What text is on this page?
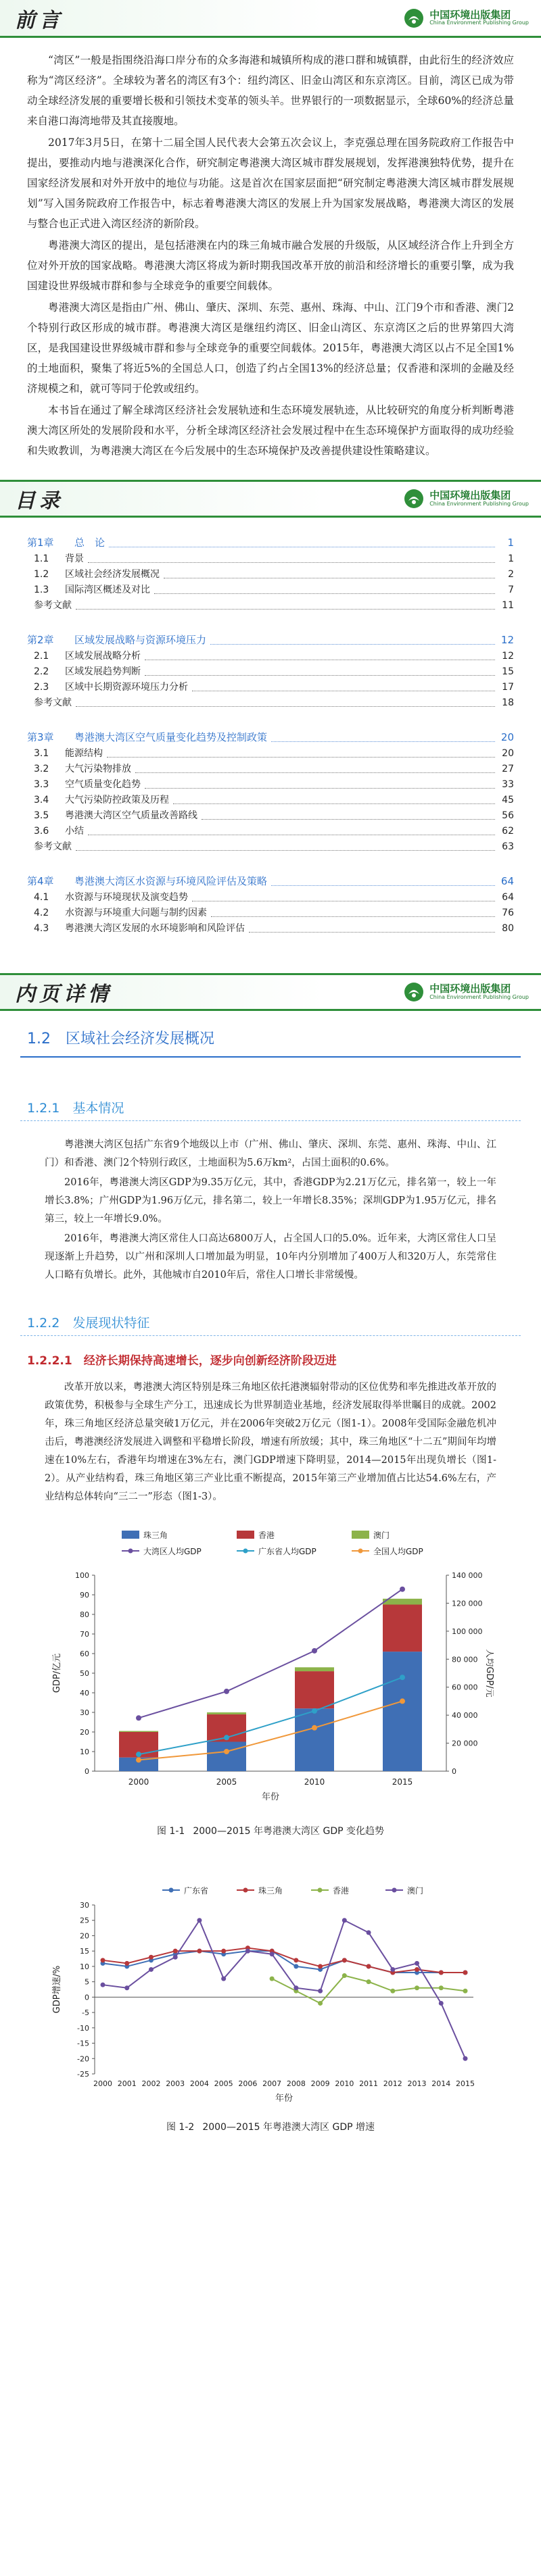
前言	中国环境出版集团
China Environment Publishing Group

“湾区”一般是指围绕沿海口岸分布的众多海港和城镇所构成的港口群和城镇群，由此衍生的经济效应称为“湾区经济”。全球较为著名的湾区有3个：纽约湾区、旧金山湾区和东京湾区。目前，湾区已成为带动全球经济发展的重要增长极和引领技术变革的领头羊。世界银行的一项数据显示，全球60%的经济总量来自港口海湾地带及其直接腹地。

2017年3月5日，在第十二届全国人民代表大会第五次会议上，李克强总理在国务院政府工作报告中提出，要推动内地与港澳深化合作，研究制定粤港澳大湾区城市群发展规划，发挥港澳独特优势，提升在国家经济发展和对外开放中的地位与功能。这是首次在国家层面把“研究制定粤港澳大湾区城市群发展规划”写入国务院政府工作报告中，标志着粤港澳大湾区的发展上升为国家发展战略，粤港澳大湾区的发展与整合也正式进入湾区经济的新阶段。

粤港澳大湾区的提出，是包括港澳在内的珠三角城市融合发展的升级版，从区域经济合作上升到全方位对外开放的国家战略。粤港澳大湾区将成为新时期我国改革开放的前沿和经济增长的重要引擎，成为我国建设世界级城市群和参与全球竞争的重要空间载体。

粤港澳大湾区是指由广州、佛山、肇庆、深圳、东莞、惠州、珠海、中山、江门9个市和香港、澳门2个特别行政区形成的城市群。粤港澳大湾区是继纽约湾区、旧金山湾区、东京湾区之后的世界第四大湾区，是我国建设世界级城市群和参与全球竞争的重要空间载体。2015年，粤港澳大湾区以占不足全国1%的土地面积，聚集了将近5%的全国总人口，创造了约占全国13%的经济总量；仅香港和深圳的金融及经济规模之和，就可等同于伦敦或纽约。

本书旨在通过了解全球湾区经济社会发展轨迹和生态环境发展轨迹，从比较研究的角度分析判断粤港澳大湾区所处的发展阶段和水平，分析全球湾区经济社会发展过程中在生态环境保护方面取得的成功经验和失败教训，为粤港澳大湾区在今后发展中的生态环境保护及改善提供建设性策略建议。

目录	中国环境出版集团
China Environment Publishing Group
第1章	总　论	1
1.1	背景	1
1.2	区域社会经济发展概况	2
1.3	国际湾区概述及对比	7
参考文献	11
第2章	区域发展战略与资源环境压力	12
2.1	区域发展战略分析	12
2.2	区域发展趋势判断	15
2.3	区域中长期资源环境压力分析	17
参考文献	18
第3章	粤港澳大湾区空气质量变化趋势及控制政策	20
3.1	能源结构	20
3.2	大气污染物排放	27
3.3	空气质量变化趋势	33
3.4	大气污染防控政策及历程	45
3.5	粤港澳大湾区空气质量改善路线	56
3.6	小结	62
参考文献	63
第4章	粤港澳大湾区水资源与环境风险评估及策略	64
4.1	水资源与环境现状及演变趋势	64
4.2	水资源与环境重大问题与制约因素	76
4.3	粤港澳大湾区发展的水环境影响和风险评估	80
内页详情	中国环境出版集团
China Environment Publishing Group
1.2　区域社会经济发展概况
1.2.1　基本情况

粤港澳大湾区包括广东省9个地级以上市（广州、佛山、肇庆、深圳、东莞、惠州、珠海、中山、江门）和香港、澳门2个特别行政区，土地面积为5.6万km²，占国土面积的0.6%。

2016年，粤港澳大湾区GDP为9.35万亿元，其中，香港GDP为2.21万亿元，排名第一，较上一年增长3.8%；广州GDP为1.96万亿元，排名第二，较上一年增长8.35%；深圳GDP为1.95万亿元，排名第三，较上一年增长9.0%。

2016年，粤港澳大湾区常住人口高达6800万人，占全国人口的5.0%。近年来，大湾区常住人口呈现逐渐上升趋势，以广州和深圳人口增加最为明显，10年内分别增加了400万人和320万人，东莞常住人口略有负增长。此外，其他城市自2010年后，常住人口增长非常缓慢。

1.2.2　发展现状特征
1.2.2.1　经济长期保持高速增长，逐步向创新经济阶段迈进

改革开放以来，粤港澳大湾区特别是珠三角地区依托港澳辐射带动的区位优势和率先推进改革开放的政策优势，积极参与全球生产分工，迅速成长为世界制造业基地，经济发展取得举世瞩目的成就。2002年，珠三角地区经济总量突破1万亿元，并在2006年突破2万亿元（图1-1）。2008年受国际金融危机冲击后，粤港澳经济发展进入调整和平稳增长阶段，增速有所放缓；其中，珠三角地区“十二五”期间年均增速在10%左右，香港年均增速在3%左右，澳门GDP增速下降明显，2014—2015年出现负增长（图1-2）。从产业结构看，珠三角地区第三产业比重不断提高，2015年第三产业增加值占比达54.6%左右，产业结构总体转向“三二一”形态（图1-3）。

珠三角	香港	澳门
大湾区人均GDP	广东省人均GDP	全国人均GDP
0
10
20
30
40
50
60
70
80
90
100
0
20 000
40 000
60 000
80 000
100 000
120 000
140 000
2000	2005	2010	2015
年份
GDP/亿元	人均GDP/元
图 1-1 2000—2015 年粤港澳大湾区 GDP 变化趋势
广东省	珠三角	香港	澳门
-25
-20
-15
-10
-5
0
5
10
15
20
25
30
2000 2001 2002 2003 2004 2005 2006 2007 2008 2009 2010 2011 2012 2013 2014 2015
年份
GDP增速/%
图 1-2 2000—2015 年粤港澳大湾区 GDP 增速
